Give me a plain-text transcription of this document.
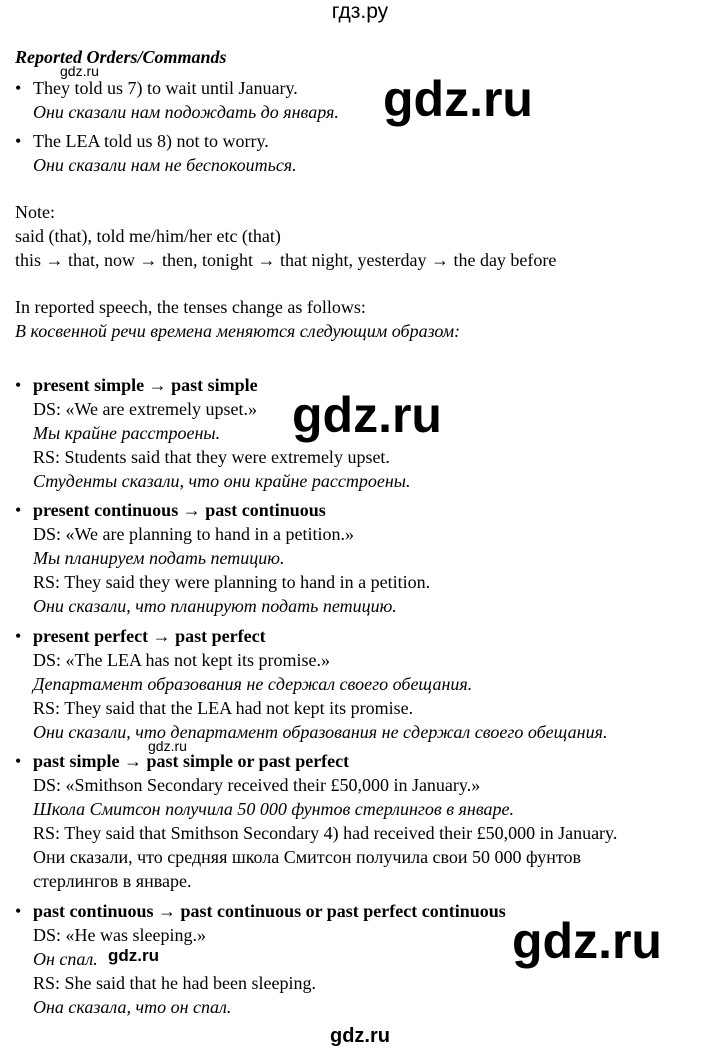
гдз.ру
Reported Orders/Commands
• They told us 7) to wait until January.
Они сказали нам подождать до января.
• The LEA told us 8) not to worry.
Они сказали нам не беспокоиться.
Note:
said (that), told me/him/her etc (that)
this → that, now → then, tonight → that night, yesterday → the day before
In reported speech, the tenses change as follows:
В косвенной речи времена меняются следующим образом:
• present simple → past simple
DS: «We are extremely upset.»
Мы крайне расстроены.
RS: Students said that they were extremely upset.
Студенты сказали, что они крайне расстроены.
• present continuous → past continuous
DS: «We are planning to hand in a petition.»
Мы планируем подать петицию.
RS: They said they were planning to hand in a petition.
Они сказали, что планируют подать петицию.
• present perfect → past perfect
DS: «The LEA has not kept its promise.»
Департамент образования не сдержал своего обещания.
RS: They said that the LEA had not kept its promise.
Они сказали, что департамент образования не сдержал своего обещания.
• past simple → past simple or past perfect
DS: «Smithson Secondary received their £50,000 in January.»
Школа Смитсон получила 50 000 фунтов стерлингов в январе.
RS: They said that Smithson Secondary 4) had received their £50,000 in January.
Они сказали, что средняя школа Смитсон получила свои 50 000 фунтов
стерлингов в январе.
• past continuous → past continuous or past perfect continuous
DS: «He was sleeping.»
Он спал.
RS: She said that he had been sleeping.
Она сказала, что он спал.
gdz.ru
gdz.ru
gdz.ru
gdz.ru
gdz.ru
gdz.ru
gdz.ru
